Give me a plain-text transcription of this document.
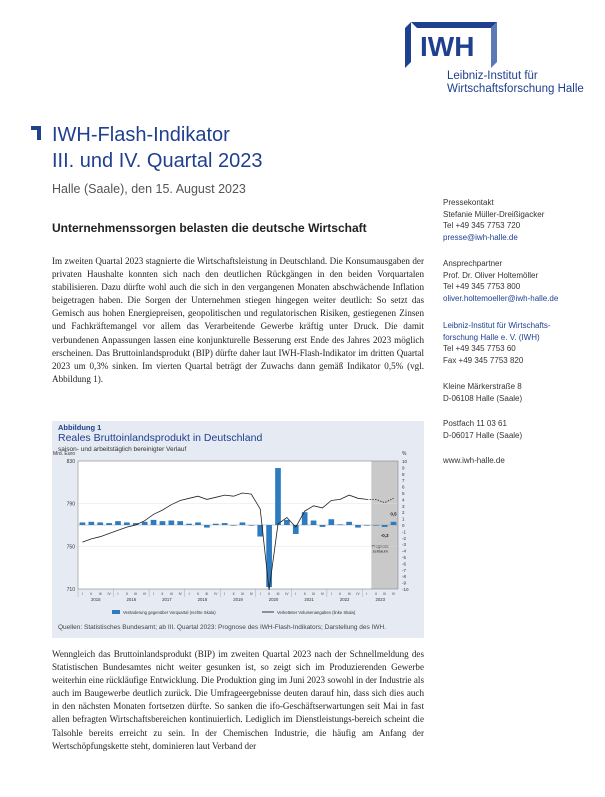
IWH
Leibniz-Institut für
Wirtschaftsforschung Halle
IWH-Flash-Indikator
III. und IV. Quartal 2023
Halle (Saale), den 15. August 2023
Unternehmenssorgen belasten die deutsche Wirtschaft
Pressekontakt
Stefanie Müller-Dreißigacker
Tel +49 345 7753 720
presse@iwh-halle.de
Ansprechpartner
Prof. Dr. Oliver Holtemöller
Tel +49 345 7753 800
oliver.holtemoeller@iwh-halle.de
Leibniz-Institut für Wirtschafts-
forschung Halle e. V. (IWH)
Tel +49 345 7753 60
Fax +49 345 7753 820
Kleine Märkerstraße 8
D-06108 Halle (Saale)
Postfach 11 03 61
D-06017 Halle (Saale)
www.iwh-halle.de
Im zweiten Quartal 2023 stagnierte die Wirtschaftsleistung in Deutschland. Die Konsumausgaben der privaten Haushalte konnten sich nach den deutlichen Rückgängen in den beiden Vorquartalen stabilisieren. Dazu dürfte wohl auch die sich in den vergangenen Monaten abschwächende Inflation beigetragen haben. Die Sorgen der Unternehmen stiegen hingegen weiter deutlich: So setzt das Gemisch aus hohen Energiepreisen, geopolitischen und regulatorischen Risiken, gestiegenen Zinsen und Fachkräftemangel vor allem das Verarbeitende Gewerbe kräftig unter Druck. Die damit verbundenen Anpassungen lassen eine konjunkturelle Besserung erst Ende des Jahres 2023 möglich erscheinen. Das Bruttoinlandsprodukt (BIP) dürfte daher laut IWH-Flash-Indikator im dritten Quartal 2023 um 0,3% sinken. Im vierten Quartal beträgt der Zuwachs dann gemäß Indikator 0,5% (vgl. Abbildung 1).
Abbildung 1
Reales Bruttoinlandsprodukt in Deutschland
saison- und arbeitstäglich bereinigter Verlauf
Prognose
zeitraum
830
790
750
710
Mrd. Euro
10
9
8
7
6
5
4
3
2
1
0
-1
-2
-3
-4
-5
-6
-7
-8
-9
-10
%
0,5
-0,3
I II III IV I II III IV I II III IV I II III IV I II III IV I II III IV I II III IV I II III IV I II III IV
2015	2016	2017	2018	2019	2020	2021	2022	2023
Veränderung gegenüber Vorquartal (rechte Skala)	Verketteter Volumenangaben (linke Skala)
Quellen: Statistisches Bundesamt; ab III. Quartal 2023: Prognose des IWH-Flash-Indikators; Darstellung des IWH.
Wenngleich das Bruttoinlandsprodukt (BIP) im zweiten Quartal 2023 nach der Schnellmeldung des Statistischen Bundesamtes nicht weiter gesunken ist, so zeigt sich im Produzierenden Gewerbe weiterhin eine rückläufige Entwicklung. Die Produktion ging im Juni 2023 sowohl in der Industrie als auch im Baugewerbe deutlich zurück. Die Umfrageergebnisse deuten darauf hin, dass sich dies auch in den nächsten Monaten fortsetzen dürfte. So sanken die ifo-Geschäftserwartungen seit Mai in fast allen befragten Wirtschaftsbereichen kontinuierlich. Lediglich im Dienstleistungs-bereich scheint die Talsohle bereits erreicht zu sein. In der Chemischen Industrie, die häufig am Anfang der Wertschöpfungskette steht, dominieren laut Verband der
